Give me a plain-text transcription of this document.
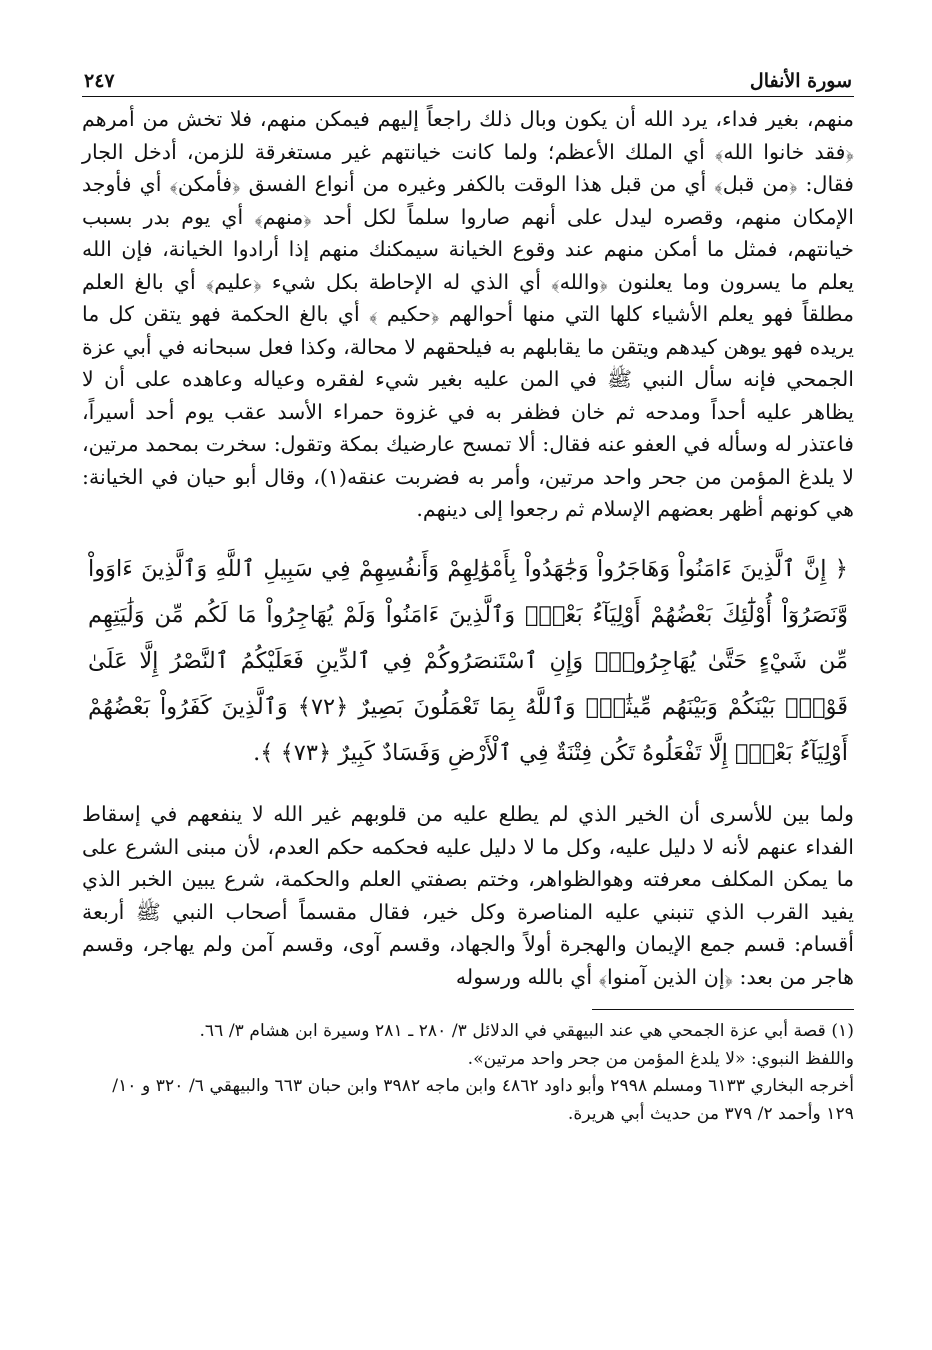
سورة الأنفال
٢٤٧

منهم، بغير فداء، يرد الله أن يكون وبال ذلك راجعاً إليهم فيمكن منهم، فلا تخش من أمرهم ﴿فقد خانوا الله﴾ أي الملك الأعظم؛ ولما كانت خيانتهم غير مستغرقة للزمن، أدخل الجار فقال: ﴿من قبل﴾ أي من قبل هذا الوقت بالكفر وغيره من أنواع الفسق ﴿فأمكن﴾ أي فأوجد الإمكان منهم، وقصره ليدل على أنهم صاروا سلماً لكل أحد ﴿منهم﴾ أي يوم بدر بسبب خيانتهم، فمثل ما أمكن منهم عند وقوع الخيانة سيمكنك منهم إذا أرادوا الخيانة، فإن الله يعلم ما يسرون وما يعلنون ﴿والله﴾ أي الذي له الإحاطة بكل شيء ﴿عليم﴾ أي بالغ العلم مطلقاً فهو يعلم الأشياء كلها التي منها أحوالهم ﴿حكيم ﴾ أي بالغ الحكمة فهو يتقن كل ما يريده فهو يوهن كيدهم ويتقن ما يقابلهم به فيلحقهم لا محالة، وكذا فعل سبحانه في أبي عزة الجمحي فإنه سأل النبي ﷺ في المن عليه بغير شيء لفقره وعياله وعاهده على أن لا يظاهر عليه أحداً ومدحه ثم خان فظفر به في غزوة حمراء الأسد عقب يوم أحد أسيراً، فاعتذر له وسأله في العفو عنه فقال: ألا تمسح عارضيك بمكة وتقول: سخرت بمحمد مرتين، لا يلدغ المؤمن من جحر واحد مرتين، وأمر به فضربت عنقه(١)، وقال أبو حيان في الخيانة: هي كونهم أظهر بعضهم الإسلام ثم رجعوا إلى دينهم.

﴿ إِنَّ ٱلَّذِينَ ءَامَنُواْ وَهَاجَرُواْ وَجَٰهَدُواْ بِأَمْوَٰلِهِمْ وَأَنفُسِهِمْ فِي سَبِيلِ ٱللَّهِ وَٱلَّذِينَ ءَاوَواْ وَّنَصَرُوٓاْ أُوْلَٰٓئِكَ بَعْضُهُمْ أَوْلِيَآءُ بَعْضٍۚ وَٱلَّذِينَ ءَامَنُواْ وَلَمْ يُهَاجِرُواْ مَا لَكُم مِّن وَلَٰيَتِهِم مِّن شَيْءٍ حَتَّىٰ يُهَاجِرُواْۚ وَإِنِ ٱسْتَنصَرُوكُمْ فِي ٱلدِّينِ فَعَلَيْكُمُ ٱلنَّصْرُ إِلَّا عَلَىٰ قَوْمِۭ بَيْنَكُمْ وَبَيْنَهُم مِّيثَٰقٌۗ وَٱللَّهُ بِمَا تَعْمَلُونَ بَصِيرٌ ﴿٧٢﴾ وَٱلَّذِينَ كَفَرُواْ بَعْضُهُمْ أَوْلِيَآءُ بَعْضٍۚ إِلَّا تَفْعَلُوهُ تَكُن فِتْنَةٌ فِي ٱلْأَرْضِ وَفَسَادٌ كَبِيرٌ ﴿٧٣﴾ ﴾.

ولما بين للأسرى أن الخير الذي لم يطلع عليه من قلوبهم غير الله لا ينفعهم في إسقاط الفداء عنهم لأنه لا دليل عليه، وكل ما لا دليل عليه فحكمه حكم العدم، لأن مبنى الشرع على ما يمكن المكلف معرفته وهوالظواهر، وختم بصفتي العلم والحكمة، شرع يبين الخبر الذي يفيد القرب الذي تنبني عليه المناصرة وكل خير، فقال مقسماً أصحاب النبي ﷺ أربعة أقسام: قسم جمع الإيمان والهجرة أولاً والجهاد، وقسم آوى، وقسم آمن ولم يهاجر، وقسم هاجر من بعد: ﴿إن الذين آمنوا﴾ أي بالله ورسوله

(١) قصة أبي عزة الجمحي هي عند البيهقي في الدلائل ٣/ ٢٨٠ ـ ٢٨١ وسيرة ابن هشام ٣/ ٦٦.

واللفظ النبوي: «لا يلدغ المؤمن من جحر واحد مرتين».

أخرجه البخاري ٦١٣٣ ومسلم ٢٩٩٨ وأبو داود ٤٨٦٢ وابن ماجه ٣٩٨٢ وابن حبان ٦٦٣ والبيهقي ٦/ ٣٢٠ و ١٠/ ١٢٩ وأحمد ٢/ ٣٧٩ من حديث أبي هريرة.
